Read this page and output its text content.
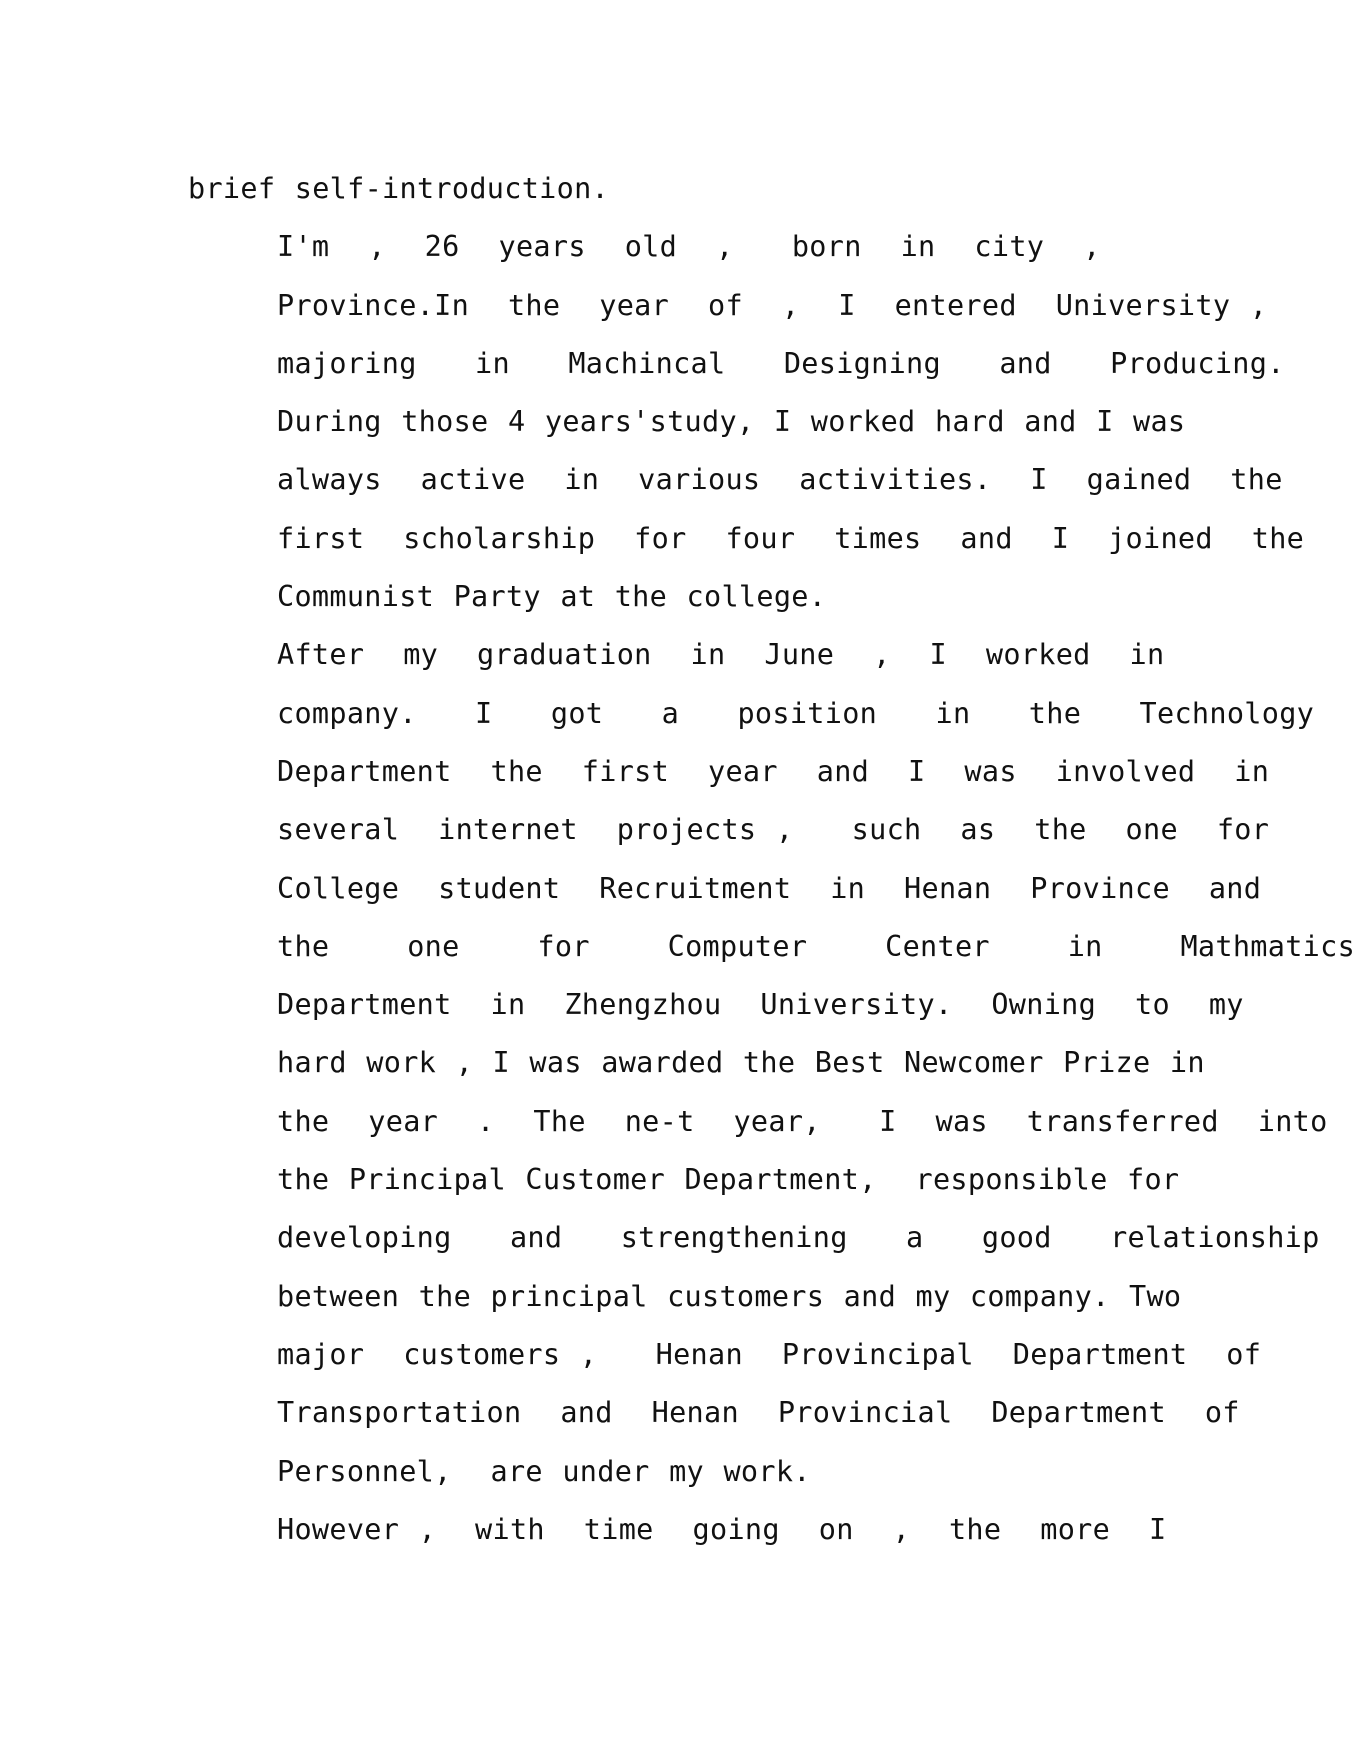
brief self-introduction.

I'm  ,  26  years  old  ,   born  in  city  ,
Province.In  the  year  of  ,  I  entered  University ,
majoring   in   Machincal   Designing   and   Producing.
During those 4 years'study, I worked hard and I was
always  active  in  various  activities.  I  gained  the
first  scholarship  for  four  times  and  I  joined  the
Communist Party at the college.

After  my  graduation  in  June  ,  I  worked  in
company.   I   got   a   position   in   the   Technology
Department  the  first  year  and  I  was  involved  in
several  internet  projects ,   such  as  the  one  for
College  student  Recruitment  in  Henan  Province  and
the    one    for    Computer    Center    in    Mathmatics
Department  in  Zhengzhou  University.  Owning  to  my
hard work , I was awarded the Best Newcomer Prize in
the  year  .  The  ne-t  year,   I  was  transferred  into
the Principal Customer Department,  responsible for
developing   and   strengthening   a   good   relationship
between the principal customers and my company. Two
major  customers ,   Henan  Provincipal  Department  of
Transportation  and  Henan  Provincial  Department  of
Personnel,  are under my work.

However ,  with  time  going  on  ,  the  more  I
